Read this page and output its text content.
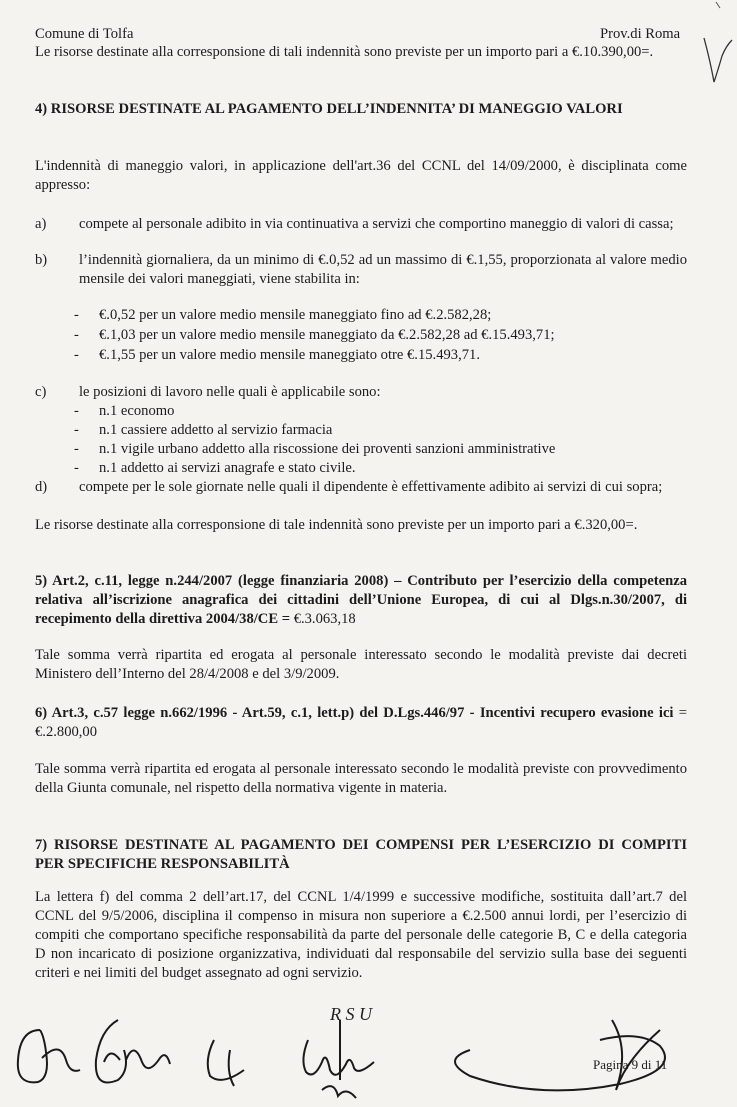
Comune di Tolfa	Prov.di Roma
Le risorse destinate alla corresponsione di tali indennità sono previste per un importo pari a €.10.390,00=.
4) RISORSE DESTINATE AL PAGAMENTO DELL’INDENNITA’ DI MANEGGIO VALORI
L'indennità di maneggio valori, in applicazione dell'art.36 del CCNL del 14/09/2000, è disciplinata come appresso:
a)	compete al personale adibito in via continuativa a servizi che comportino maneggio di valori di cassa;
b)	l’indennità giornaliera, da un minimo di €.0,52 ad un massimo di €.1,55, proporzionata al valore medio mensile dei valori maneggiati, viene stabilita in:
- €.0,52 per un valore medio mensile maneggiato fino ad €.2.582,28;
- €.1,03 per un valore medio mensile maneggiato da €.2.582,28 ad €.15.493,71;
- €.1,55 per un valore medio mensile maneggiato otre €.15.493,71.
c)	le posizioni di lavoro nelle quali è applicabile sono:
- n.1 economo
- n.1 cassiere addetto al servizio farmacia
- n.1 vigile urbano addetto alla riscossione dei proventi sanzioni amministrative
- n.1 addetto ai servizi anagrafe e stato civile.
d)	compete per le sole giornate nelle quali il dipendente è effettivamente adibito ai servizi di cui sopra;
Le risorse destinate alla corresponsione di tale indennità sono previste per un importo pari a €.320,00=.
5) Art.2, c.11, legge n.244/2007 (legge finanziaria 2008) – Contributo per l’esercizio della competenza relativa all’iscrizione anagrafica dei cittadini dell’Unione Europea, di cui al Dlgs.n.30/2007, di recepimento della direttiva 2004/38/CE = €.3.063,18
Tale somma verrà ripartita ed erogata al personale interessato secondo le modalità previste dai decreti Ministero dell’Interno del 28/4/2008 e del 3/9/2009.
6) Art.3, c.57 legge n.662/1996 - Art.59, c.1, lett.p) del D.Lgs.446/97 - Incentivi recupero evasione ici = €.2.800,00
Tale somma verrà ripartita ed erogata al personale interessato secondo le modalità previste con provvedimento della Giunta comunale, nel rispetto della normativa vigente in materia.
7) RISORSE DESTINATE AL PAGAMENTO DEI COMPENSI PER L’ESERCIZIO DI COMPITI PER SPECIFICHE RESPONSABILITÀ
La lettera f) del comma 2 dell’art.17, del CCNL 1/4/1999 e successive modifiche, sostituita dall’art.7 del CCNL del 9/5/2006, disciplina il compenso in misura non superiore a €.2.500 annui lordi, per l’esercizio di compiti che comportano specifiche responsabilità da parte del personale delle categorie B, C e della categoria D non incaricato di posizione organizzativa, individuati dal responsabile del servizio sulla base dei seguenti criteri e nei limiti del budget assegnato ad ogni servizio.
R S U
Pagina 9 di 11
